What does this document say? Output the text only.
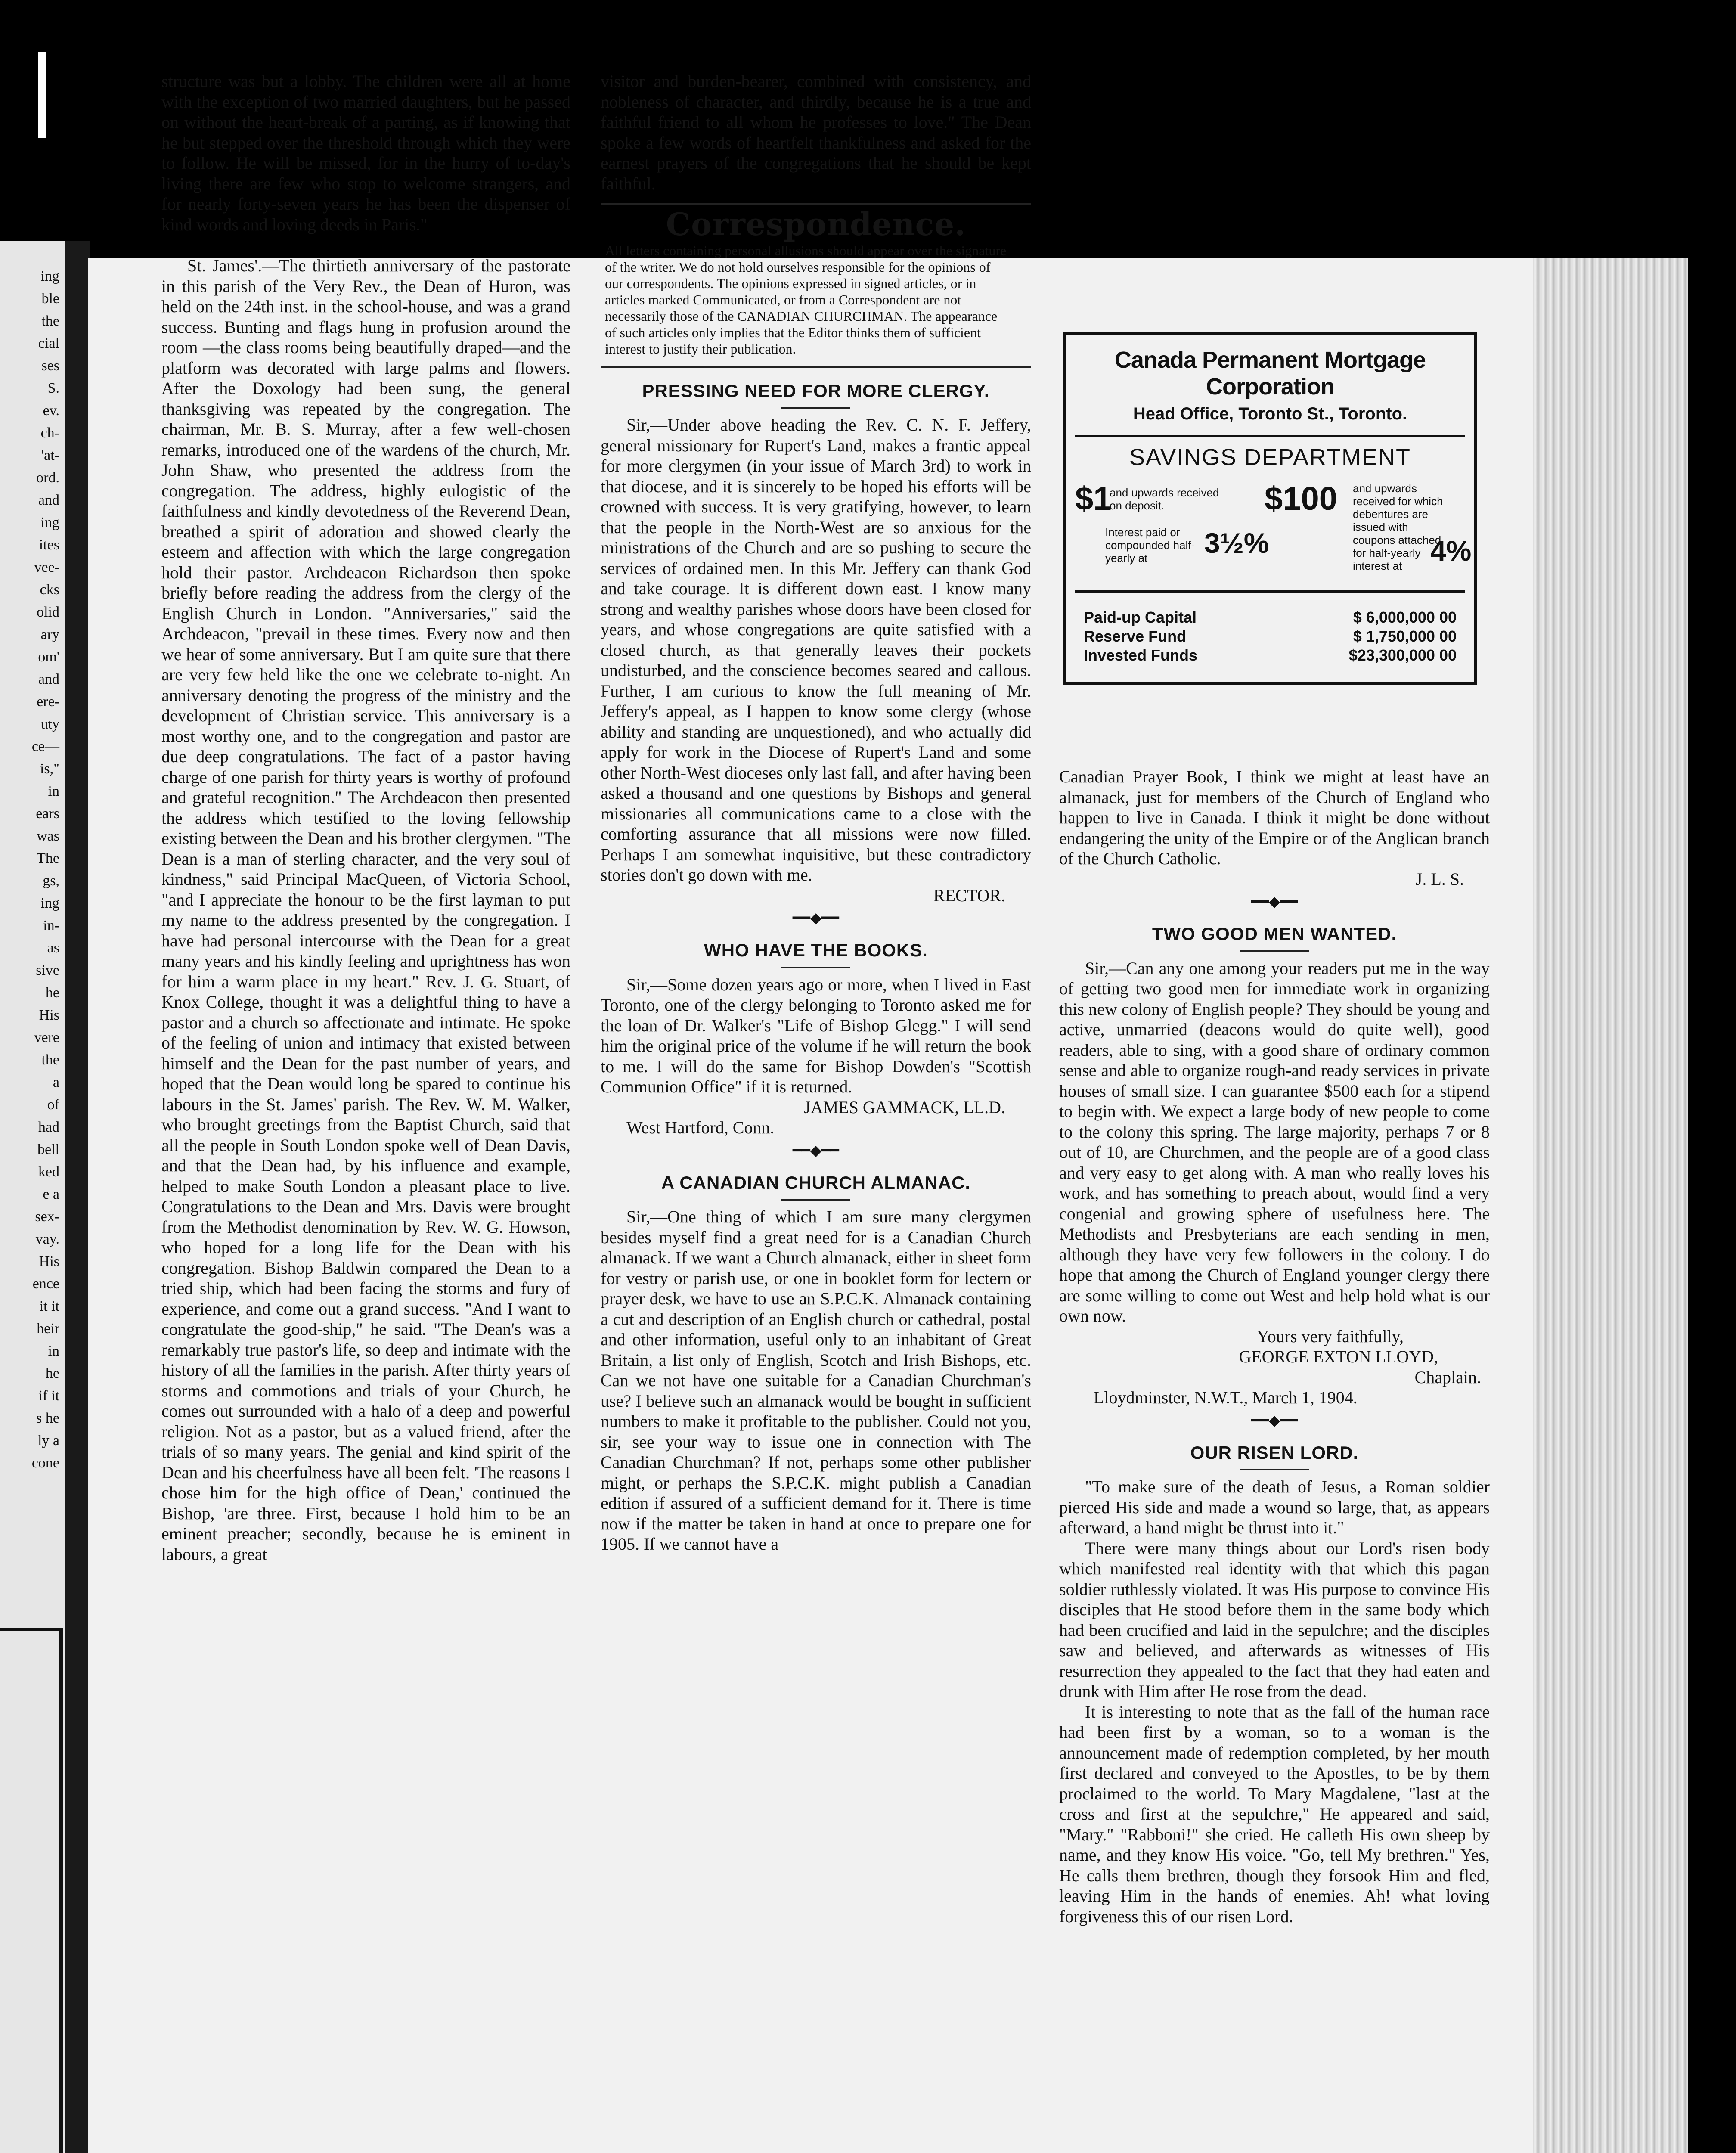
ing
ble
the
cial
ses
S.
ev.
ch-
'at-
ord.
and
ing
ites
vee-
cks
olid
ary
om'
and
ere-
uty
ce—
is,"
in
ears
was
The
gs,
ing
in-
as
sive
he
His
vere
the
a
of
had
bell
ked
e a
sex-
vay.
His
ence
it it
heir
in
he
if it
s he
ly a
cone
[March 31, 1904.]	CANADIAN CHURCHMAN.	203

structure was but a lobby. The children were all at home with the exception of two married daughters, but he passed on without the heart-break of a parting, as if knowing that he but stepped over the threshold through which they were to follow. He will be missed, for in the hurry of to-day's living there are few who stop to welcome strangers, and for nearly forty-seven years he has been the dispenser of kind words and loving deeds in Paris."

St. James'.—The thirtieth anniversary of the pastorate in this parish of the Very Rev., the Dean of Huron, was held on the 24th inst. in the school-house, and was a grand success. Bunting and flags hung in profusion around the room —the class rooms being beautifully draped—and the platform was decorated with large palms and flowers. After the Doxology had been sung, the general thanksgiving was repeated by the congregation. The chairman, Mr. B. S. Murray, after a few well-chosen remarks, introduced one of the wardens of the church, Mr. John Shaw, who presented the address from the congregation. The address, highly eulogistic of the faithfulness and kindly devotedness of the Reverend Dean, breathed a spirit of adoration and showed clearly the esteem and affection with which the large congregation hold their pastor. Archdeacon Richardson then spoke briefly before reading the address from the clergy of the English Church in London. "Anniversaries," said the Archdeacon, "prevail in these times. Every now and then we hear of some anniversary. But I am quite sure that there are very few held like the one we celebrate to-night. An anniversary denoting the progress of the ministry and the development of Christian service. This anniversary is a most worthy one, and to the congregation and pastor are due deep congratulations. The fact of a pastor having charge of one parish for thirty years is worthy of profound and grateful recognition." The Archdeacon then presented the address which testified to the loving fellowship existing between the Dean and his brother clergymen. "The Dean is a man of sterling character, and the very soul of kindness," said Principal MacQueen, of Victoria School, "and I appreciate the honour to be the first layman to put my name to the address presented by the congregation. I have had personal intercourse with the Dean for a great many years and his kindly feeling and uprightness has won for him a warm place in my heart." Rev. J. G. Stuart, of Knox College, thought it was a delightful thing to have a pastor and a church so affectionate and intimate. He spoke of the feeling of union and intimacy that existed between himself and the Dean for the past number of years, and hoped that the Dean would long be spared to continue his labours in the St. James' parish. The Rev. W. M. Walker, who brought greetings from the Baptist Church, said that all the people in South London spoke well of Dean Davis, and that the Dean had, by his influence and example, helped to make South London a pleasant place to live. Congratulations to the Dean and Mrs. Davis were brought from the Methodist denomination by Rev. W. G. Howson, who hoped for a long life for the Dean with his congregation. Bishop Baldwin compared the Dean to a tried ship, which had been facing the storms and fury of experience, and come out a grand success. "And I want to congratulate the good-ship," he said. "The Dean's was a remarkably true pastor's life, so deep and intimate with the history of all the families in the parish. After thirty years of storms and commotions and trials of your Church, he comes out surrounded with a halo of a deep and powerful religion. Not as a pastor, but as a valued friend, after the trials of so many years. The genial and kind spirit of the Dean and his cheerfulness have all been felt. 'The reasons I chose him for the high office of Dean,' continued the Bishop, 'are three. First, because I hold him to be an eminent preacher; secondly, because he is eminent in labours, a great

visitor and burden-bearer, combined with consistency, and nobleness of character, and thirdly, because he is a true and faithful friend to all whom he professes to love." The Dean spoke a few words of heartfelt thankfulness and asked for the earnest prayers of the congregations that he should be kept faithful.

Correspondence.

All letters containing personal allusions should appear over the signature of the writer. We do not hold ourselves responsible for the opinions of our correspondents. The opinions expressed in signed articles, or in articles marked Communicated, or from a Correspondent are not necessarily those of the CANADIAN CHURCHMAN. The appearance of such articles only implies that the Editor thinks them of sufficient interest to justify their publication.

PRESSING NEED FOR MORE CLERGY.

Sir,—Under above heading the Rev. C. N. F. Jeffery, general missionary for Rupert's Land, makes a frantic appeal for more clergymen (in your issue of March 3rd) to work in that diocese, and it is sincerely to be hoped his efforts will be crowned with success. It is very gratifying, however, to learn that the people in the North-West are so anxious for the ministrations of the Church and are so pushing to secure the services of ordained men. In this Mr. Jeffery can thank God and take courage. It is different down east. I know many strong and wealthy parishes whose doors have been closed for years, and whose congregations are quite satisfied with a closed church, as that generally leaves their pockets undisturbed, and the conscience becomes seared and callous. Further, I am curious to know the full meaning of Mr. Jeffery's appeal, as I happen to know some clergy (whose ability and standing are unquestioned), and who actually did apply for work in the Diocese of Rupert's Land and some other North-West dioceses only last fall, and after having been asked a thousand and one questions by Bishops and general missionaries all communications came to a close with the comforting assurance that all missions were now filled. Perhaps I am somewhat inquisitive, but these contradictory stories don't go down with me.

RECTOR.

━━◆━━
WHO HAVE THE BOOKS.

Sir,—Some dozen years ago or more, when I lived in East Toronto, one of the clergy belonging to Toronto asked me for the loan of Dr. Walker's "Life of Bishop Glegg." I will send him the original price of the volume if he will return the book to me. I will do the same for Bishop Dowden's "Scottish Communion Office" if it is returned.

JAMES GAMMACK, LL.D.

West Hartford, Conn.

━━◆━━
A CANADIAN CHURCH ALMANAC.

Sir,—One thing of which I am sure many clergymen besides myself find a great need for is a Canadian Church almanack. If we want a Church almanack, either in sheet form for vestry or parish use, or one in booklet form for lectern or prayer desk, we have to use an S.P.C.K. Almanack containing a cut and description of an English church or cathedral, postal and other information, useful only to an inhabitant of Great Britain, a list only of English, Scotch and Irish Bishops, etc. Can we not have one suitable for a Canadian Churchman's use? I believe such an almanack would be bought in sufficient numbers to make it profitable to the publisher. Could not you, sir, see your way to issue one in connection with The Canadian Churchman? If not, perhaps some other publisher might, or perhaps the S.P.C.K. might publish a Canadian edition if assured of a sufficient demand for it. There is time now if the matter be taken in hand at once to prepare one for 1905. If we cannot have a

Canada Permanent Mortgage Corporation
Head Office, Toronto St., Toronto.
SAVINGS DEPARTMENT
$1
and upwards received on deposit.
Interest paid or compounded half-yearly at	3½%
$100 and upwards received for which debentures are issued with coupons attached for half-yearly interest at 4%
Paid-up Capital	$ 6,000,000 00
Reserve Fund	$ 1,750,000 00
Invested Funds	$23,300,000 00

Canadian Prayer Book, I think we might at least have an almanack, just for members of the Church of England who happen to live in Canada. I think it might be done without endangering the unity of the Empire or of the Anglican branch of the Church Catholic.

J. L. S.

━━◆━━
TWO GOOD MEN WANTED.

Sir,—Can any one among your readers put me in the way of getting two good men for immediate work in organizing this new colony of English people? They should be young and active, unmarried (deacons would do quite well), good readers, able to sing, with a good share of ordinary common sense and able to organize rough-and ready services in private houses of small size. I can guarantee $500 each for a stipend to begin with. We expect a large body of new people to come to the colony this spring. The large majority, perhaps 7 or 8 out of 10, are Churchmen, and the people are of a good class and very easy to get along with. A man who really loves his work, and has something to preach about, would find a very congenial and growing sphere of usefulness here. The Methodists and Presbyterians are each sending in men, although they have very few followers in the colony. I do hope that among the Church of England younger clergy there are some willing to come out West and help hold what is our own now.

Yours very faithfully,

GEORGE EXTON LLOYD,

Chaplain.

Lloydminster, N.W.T., March 1, 1904.

━━◆━━
OUR RISEN LORD.

"To make sure of the death of Jesus, a Roman soldier pierced His side and made a wound so large, that, as appears afterward, a hand might be thrust into it."

There were many things about our Lord's risen body which manifested real identity with that which this pagan soldier ruthlessly violated. It was His purpose to convince His disciples that He stood before them in the same body which had been crucified and laid in the sepulchre; and the disciples saw and believed, and afterwards as witnesses of His resurrection they appealed to the fact that they had eaten and drunk with Him after He rose from the dead.

It is interesting to note that as the fall of the human race had been first by a woman, so to a woman is the announcement made of redemption completed, by her mouth first declared and conveyed to the Apostles, to be by them proclaimed to the world. To Mary Magdalene, "last at the cross and first at the sepulchre," He appeared and said, "Mary." "Rabboni!" she cried. He calleth His own sheep by name, and they know His voice. "Go, tell My brethren." Yes, He calls them brethren, though they forsook Him and fled, leaving Him in the hands of enemies. Ah! what loving forgiveness this of our risen Lord.
